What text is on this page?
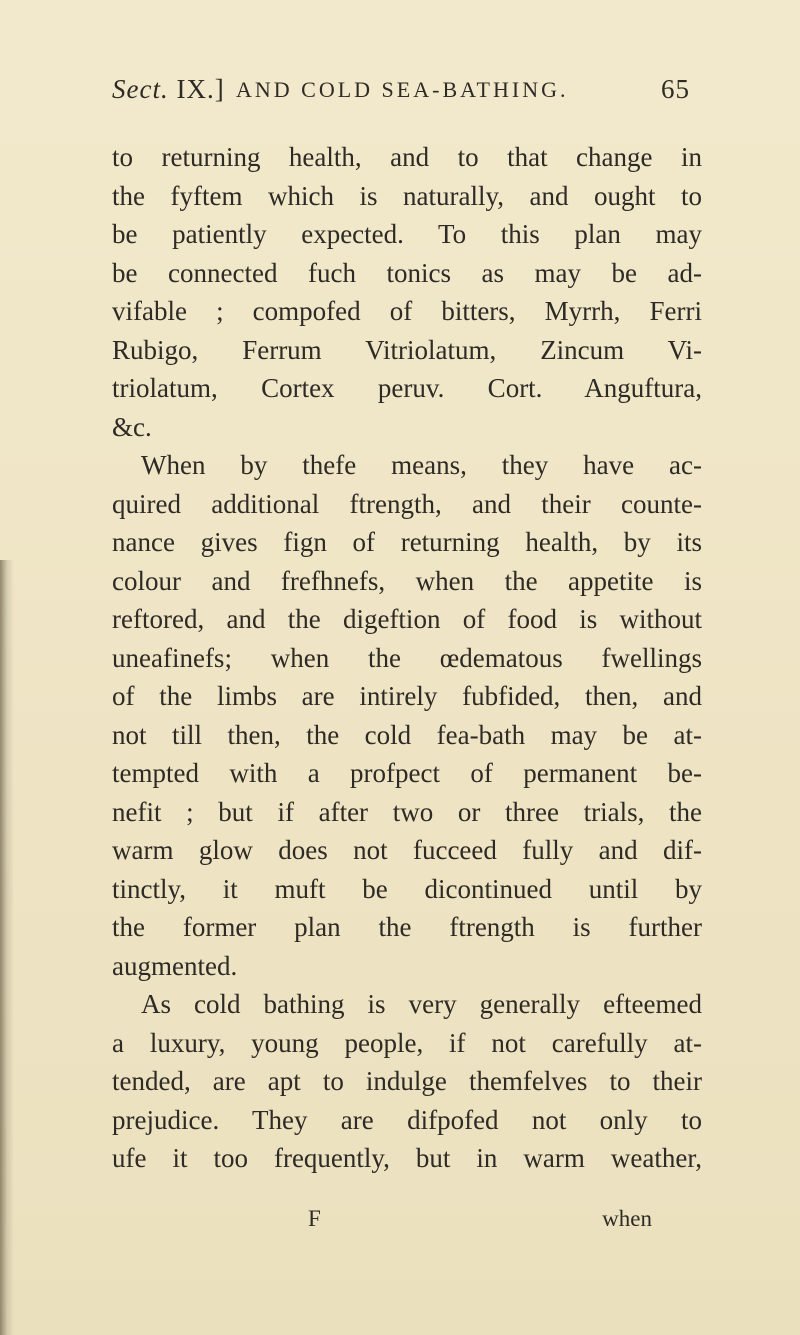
Sect. IX.] AND COLD SEA-BATHING.	65
to returning health, and to that change in
the fyftem which is naturally, and ought to
be patiently expected. To this plan may
be connected fuch tonics as may be ad-
vifable ; compofed of bitters, Myrrh, Ferri
Rubigo, Ferrum Vitriolatum, Zincum Vi-
triolatum, Cortex peruv. Cort. Anguftura,
&c.
When by thefe means, they have ac-
quired additional ftrength, and their counte-
nance gives fign of returning health, by its
colour and frefhnefs, when the appetite is
reftored, and the digeftion of food is without
uneafinefs; when the œdematous fwellings
of the limbs are intirely fubfided, then, and
not till then, the cold fea-bath may be at-
tempted with a profpect of permanent be-
nefit ; but if after two or three trials, the
warm glow does not fucceed fully and dif-
tinctly, it muft be dicontinued until by
the former plan the ftrength is further
augmented.
As cold bathing is very generally efteemed
a luxury, young people, if not carefully at-
tended, are apt to indulge themfelves to their
prejudice. They are difpofed not only to
ufe it too frequently, but in warm weather,
F	when
